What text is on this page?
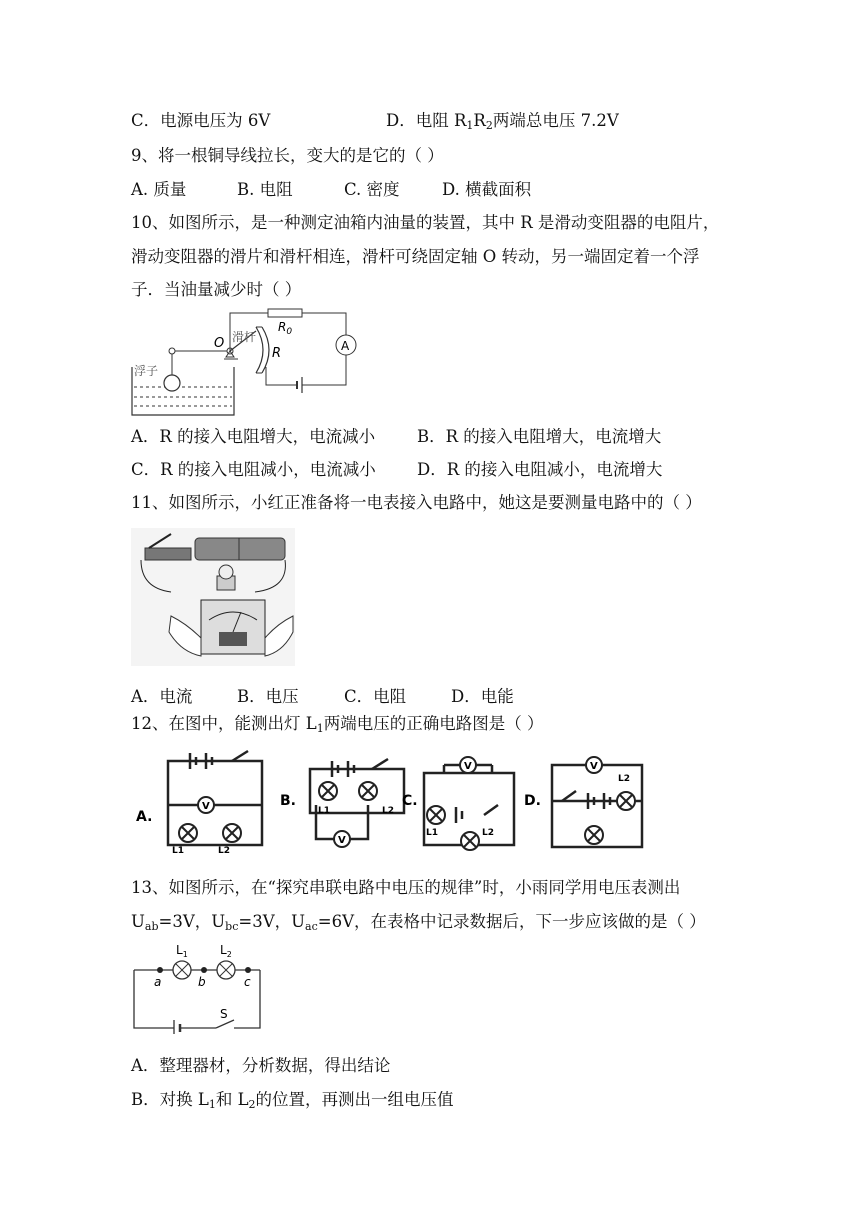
C．电源电压为 6V	D．电阻 $R_1R_2$两端总电压 7.2V
9、将一根铜导线拉长，变大的是它的（ ）
A. 质量	B. 电阻	C. 密度	D. 横截面积
10、如图所示，是一种测定油箱内油量的装置，其中 R 是滑动变阻器的电阻片，
滑动变阻器的滑片和滑杆相连，滑杆可绕固定轴 O 转动，另一端固定着一个浮
子．当油量减少时（ ）
浮子
O 滑杆
R
$R_0$
A
A．R 的接入电阻增大，电流减小	B．R 的接入电阻增大，电流增大
C．R 的接入电阻减小，电流减小 D．R 的接入电阻减小，电流增大
11、如图所示，小红正准备将一电表接入电路中，她这是要测量电路中的（ ）
A．电流	B．电压	C．电阻	D．电能
12、在图中，能测出灯 $L_1$两端电压的正确电路图是（ ）
A.
B.	C.	D.
V
L1	L2
V
L1	L2
V
L1	L2
V
L2
13、如图所示，在“探究串联电路中电压的规律”时，小雨同学用电压表测出
$U_{ab}=3V$，$U_{bc}=3V$，$U_{ac}=6V$，在表格中记录数据后，下一步应该做的是（ ）
$L_1$	$L_2$
a	b	c
S
A．整理器材，分析数据，得出结论
B．对换 $L_1$和 $L_2$的位置，再测出一组电压值
